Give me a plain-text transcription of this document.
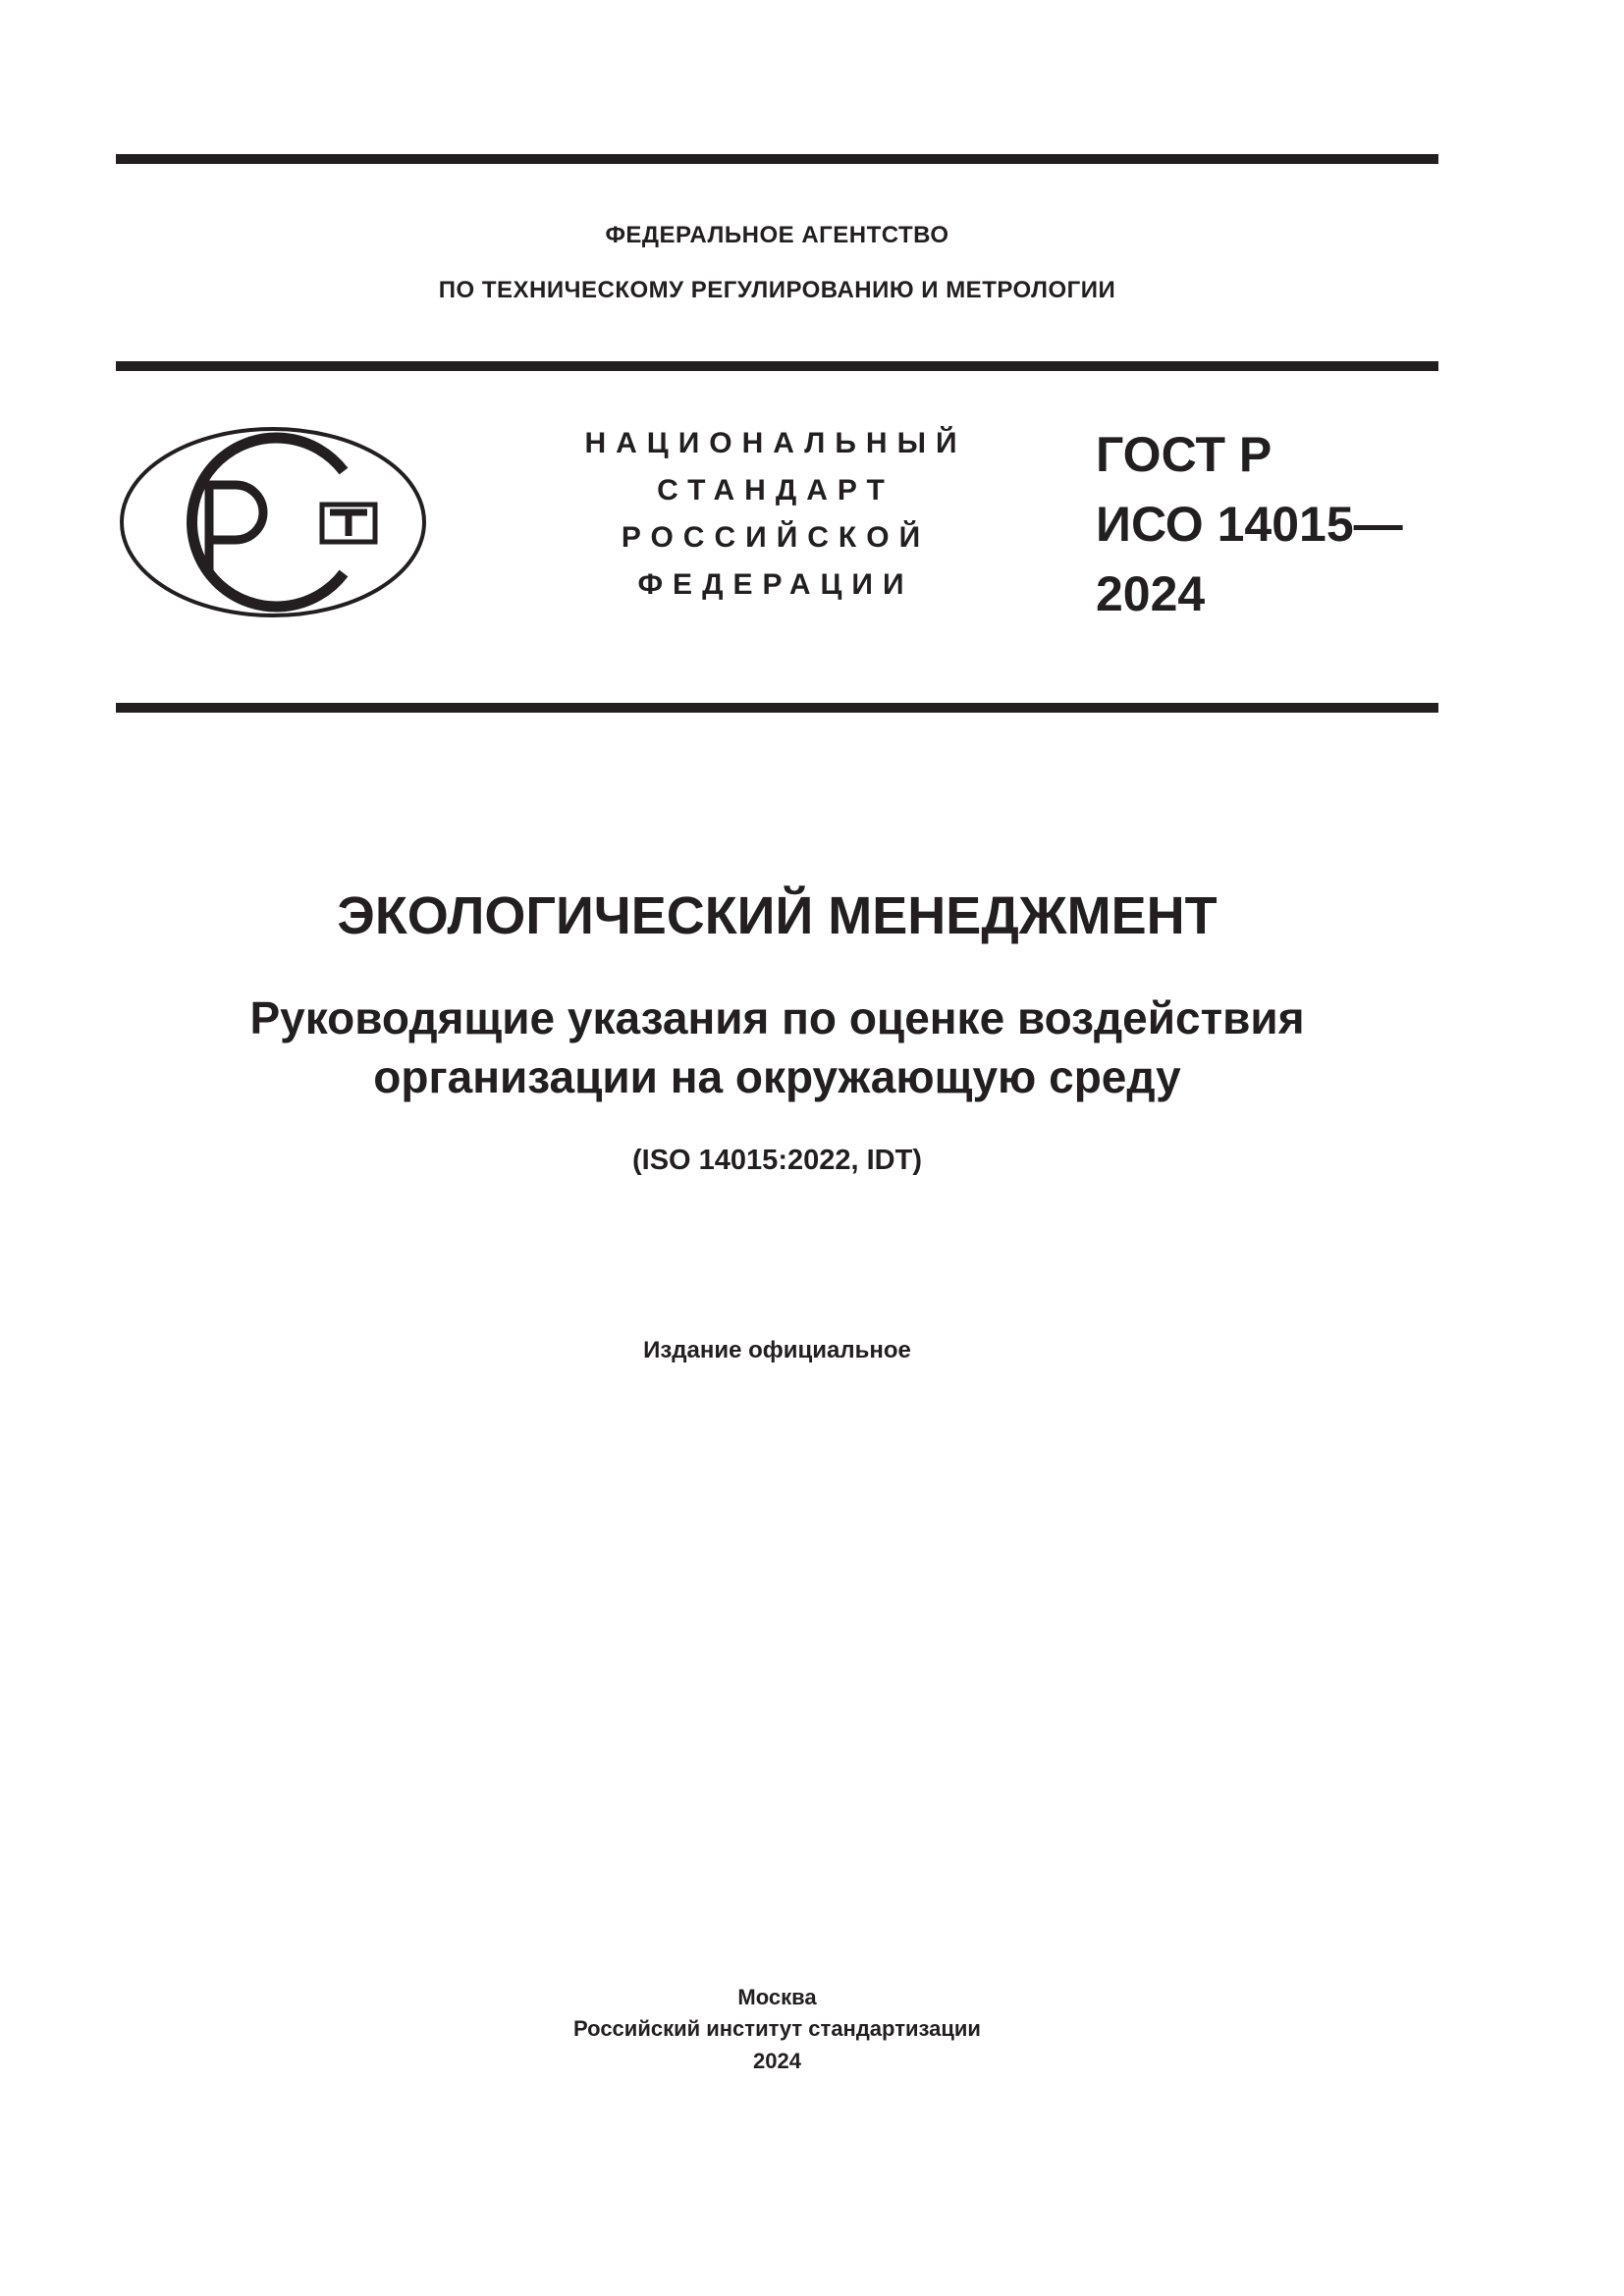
ФЕДЕРАЛЬНОЕ АГЕНТСТВО
ПО ТЕХНИЧЕСКОМУ РЕГУЛИРОВАНИЮ И МЕТРОЛОГИИ
НАЦИОНАЛЬНЫЙ
СТАНДАРТ
РОССИЙСКОЙ
ФЕДЕРАЦИИ
ГОСТ Р
ИСО 14015—
2024
ЭКОЛОГИЧЕСКИЙ МЕНЕДЖМЕНТ
Руководящие указания по оценке воздействия
организации на окружающую среду
(ISO 14015:2022, IDT)
Издание официальное
Москва
Российский институт стандартизации
2024
